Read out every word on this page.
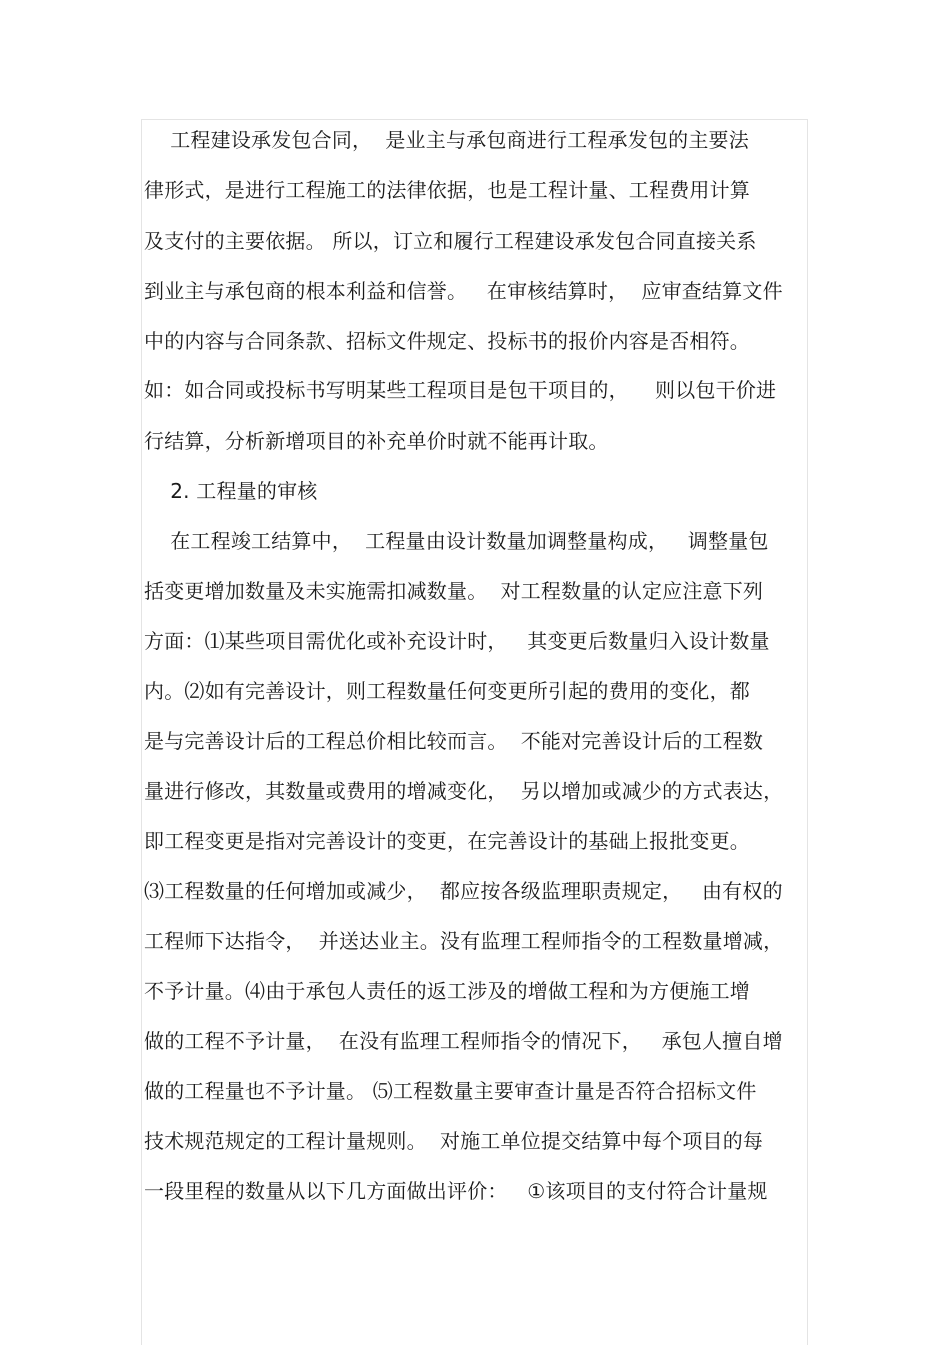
工程建设承发包合同，  是业主与承包商进行工程承发包的主要法
律形式，是进行工程施工的法律依据，也是工程计量、工程费用计算
及支付的主要依据。 所以，订立和履行工程建设承发包合同直接关系
到业主与承包商的根本利益和信誉。   在审核结算时，  应审查结算文件
中的内容与合同条款、招标文件规定、投标书的报价内容是否相符。
如：如合同或投标书写明某些工程项目是包干项目的，    则以包干价进
行结算，分析新增项目的补充单价时就不能再计取。
2. 工程量的审核
在工程竣工结算中，  工程量由设计数量加调整量构成，   调整量包
括变更增加数量及未实施需扣减数量。  对工程数量的认定应注意下列
方面：⑴某些项目需优化或补充设计时，   其变更后数量归入设计数量
内。⑵如有完善设计，则工程数量任何变更所引起的费用的变化，都
是与完善设计后的工程总价相比较而言。  不能对完善设计后的工程数
量进行修改，其数量或费用的增减变化，  另以增加或减少的方式表达，
即工程变更是指对完善设计的变更，在完善设计的基础上报批变更。
⑶工程数量的任何增加或减少，  都应按各级监理职责规定，   由有权的
工程师下达指令，  并送达业主。没有监理工程师指令的工程数量增减，
不予计量。⑷由于承包人责任的返工涉及的增做工程和为方便施工增
做的工程不予计量，  在没有监理工程师指令的情况下，   承包人擅自增
做的工程量也不予计量。 ⑸工程数量主要审查计量是否符合招标文件
技术规范规定的工程计量规则。  对施工单位提交结算中每个项目的每
一段里程的数量从以下几方面做出评价：   ①该项目的支付符合计量规
